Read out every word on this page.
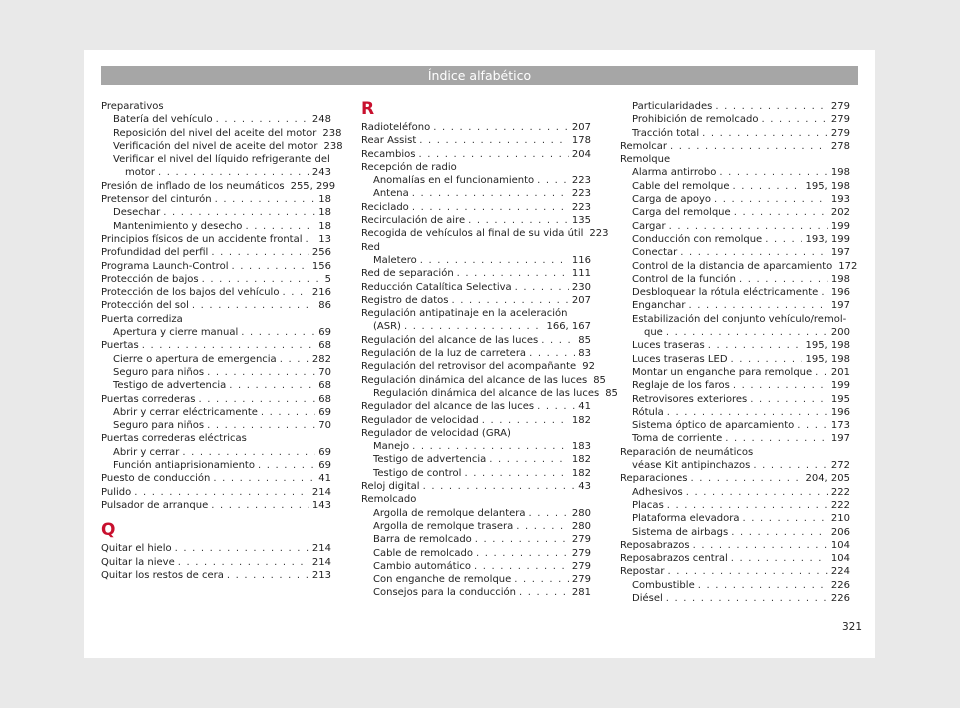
Índice alfabético
Preparativos
Batería del vehículo . . .	248
Reposición del nivel del aceite del motor 238
Verificación del nivel de aceite del motor 238
Verificar el nivel del líquido refrigerante del
motor . . .	243
Presión de inflado de los neumáticos 255, 299
Pretensor del cinturón . . .	18
Desechar . . .	18
Mantenimiento y desecho . . .	18
Principios físicos de un accidente frontal . . . 13
Profundidad del perfil . . .	256
Programa Launch-Control . . .	156
Protección de bajos . . .	5
Protección de los bajos del vehículo . . .	216
Protección del sol . . .	86
Puerta corrediza
Apertura y cierre manual . . .	69
Puertas . . .	68
Cierre o apertura de emergencia . . .	282
Seguro para niños . . .	70
Testigo de advertencia . . .	68
Puertas correderas . . .	68
Abrir y cerrar eléctricamente . . .	69
Seguro para niños . . .	70
Puertas correderas eléctricas
Abrir y cerrar . . .	69
Función antiaprisionamiento . . .	69
Puesto de conducción . . .	41
Pulido . . .	214
Pulsador de arranque . . .	143
Q
Quitar el hielo . . .	214
Quitar la nieve . . .	214
Quitar los restos de cera . . .	213
R
Radioteléfono . . .	207
Rear Assist . . .	178
Recambios . . .	204
Recepción de radio
Anomalías en el funcionamiento . . .	223
Antena . . .	223
Reciclado . . .	223
Recirculación de aire . . .	135
Recogida de vehículos al final de su vida útil 223
Red
Maletero . . .	116
Red de separación . . .	111
Reducción Catalítica Selectiva . . .	230
Registro de datos . . .	207
Regulación antipatinaje en la aceleración
(ASR) . . .	166, 167
Regulación del alcance de las luces . . .	85
Regulación de la luz de carretera . . .	83
Regulación del retrovisor del acompañante 92
Regulación dinámica del alcance de las luces 85
Regulación dinámica del alcance de las luces 85
Regulador del alcance de las luces . . .	41
Regulador de velocidad . . .	182
Regulador de velocidad (GRA)
Manejo . . .	183
Testigo de advertencia . . .	182
Testigo de control . . .	182
Reloj digital . . .	43
Remolcado
Argolla de remolque delantera . . .	280
Argolla de remolque trasera . . .	280
Barra de remolcado . . .	279
Cable de remolcado . . .	279
Cambio automático . . .	279
Con enganche de remolque . . .	279
Consejos para la conducción . . .	281
Particularidades . . .	279
Prohibición de remolcado . . .	279
Tracción total . . .	279
Remolcar . . .	278
Remolque
Alarma antirrobo . . .	198
Cable del remolque . . .	195, 198
Carga de apoyo . . .	193
Carga del remolque . . .	202
Cargar . . .	199
Conducción con remolque . . .	193, 199
Conectar . . .	197
Control de la distancia de aparcamiento 172
Control de la función . . .	198
Desbloquear la rótula eléctricamente . . . 196
Enganchar . . .	197
Estabilización del conjunto vehículo/remol-
que . . .	200
Luces traseras . . .	195, 198
Luces traseras LED . . .	195, 198
Montar un enganche para remolque . . . 201
Reglaje de los faros . . .	199
Retrovisores exteriores . . .	195
Rótula . . .	196
Sistema óptico de aparcamiento . . .	173
Toma de corriente . . .	197
Reparación de neumáticos
véase Kit antipinchazos . . .	272
Reparaciones . . .	204, 205
Adhesivos . . .	222
Placas . . .	222
Plataforma elevadora . . .	210
Sistema de airbags . . .	206
Reposabrazos . . .	104
Reposabrazos central . . .	104
Repostar . . .	224
Combustible . . .	226
Diésel . . .	226
321
